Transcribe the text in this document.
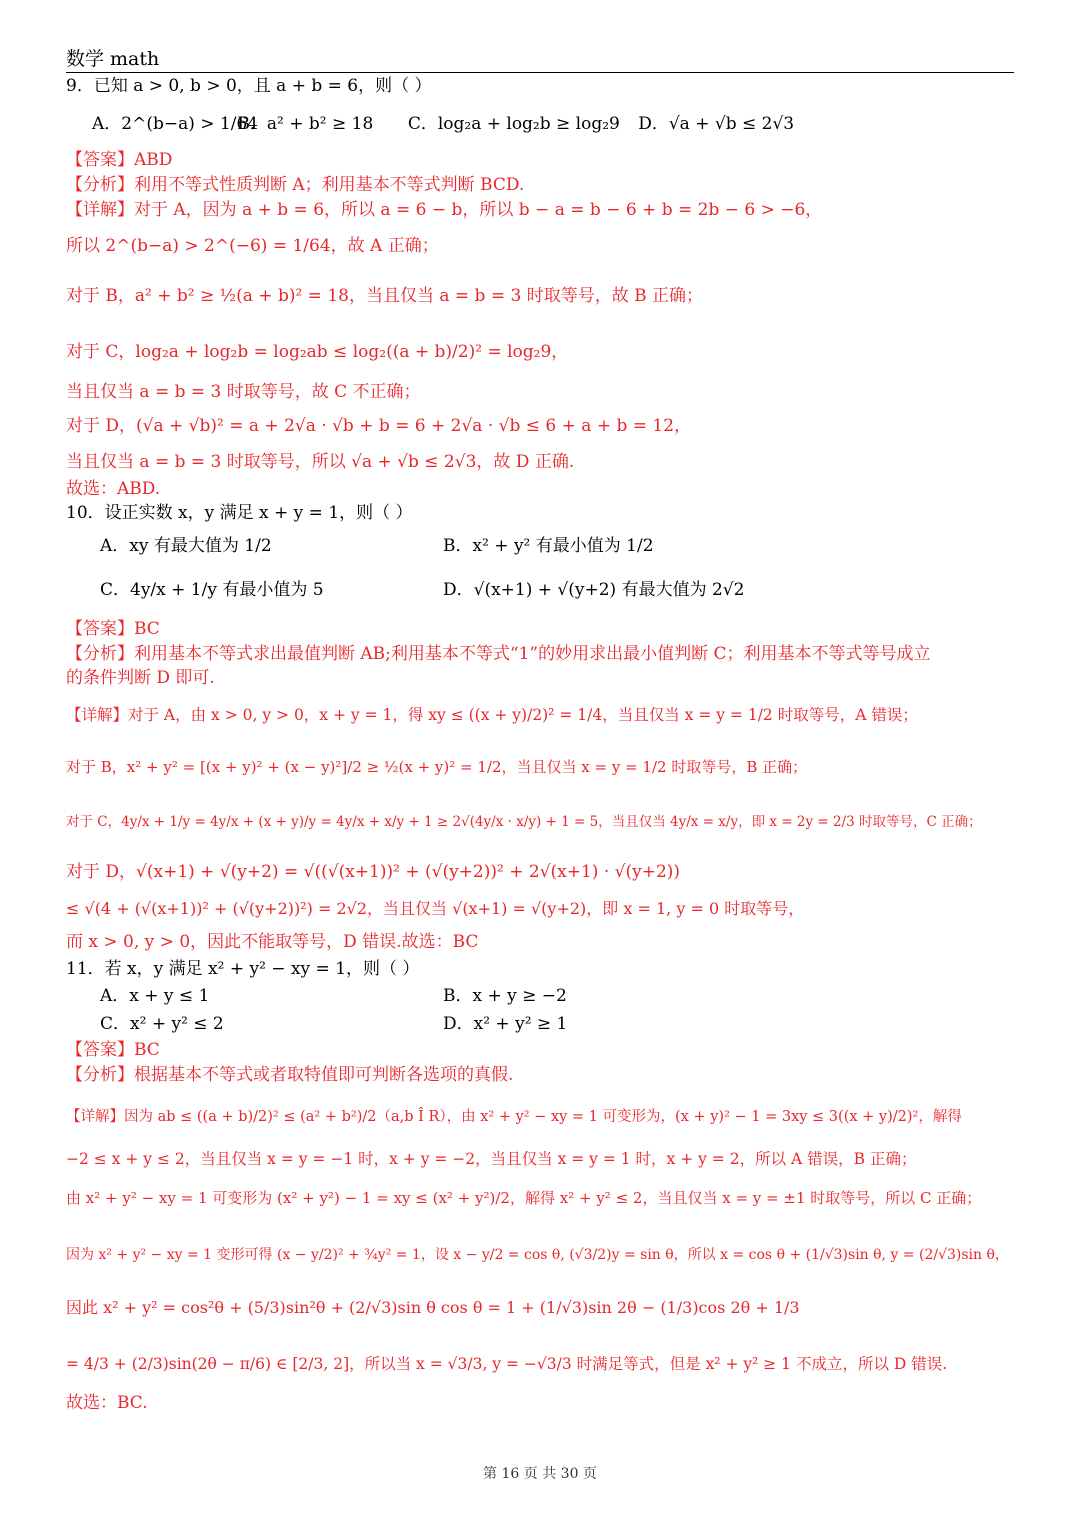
数学 math
9．已知 a > 0, b > 0，且 a + b = 6，则（ ）
A．2^(b−a) > 1/64 B．a² + b² ≥ 18 C．log₂a + log₂b ≥ log₂9 D．√a + √b ≤ 2√3
【答案】ABD
【分析】利用不等式性质判断 A；利用基本不等式判断 BCD.
【详解】对于 A，因为 a + b = 6，所以 a = 6 − b，所以 b − a = b − 6 + b = 2b − 6 > −6，
所以 2^(b−a) > 2^(−6) = 1/64，故 A 正确；
对于 B，a² + b² ≥ ½(a + b)² = 18，当且仅当 a = b = 3 时取等号，故 B 正确；
对于 C，log₂a + log₂b = log₂ab ≤ log₂((a + b)/2)² = log₂9，
当且仅当 a = b = 3 时取等号，故 C 不正确；
对于 D，(√a + √b)² = a + 2√a · √b + b = 6 + 2√a · √b ≤ 6 + a + b = 12，
当且仅当 a = b = 3 时取等号，所以 √a + √b ≤ 2√3，故 D 正确.
故选：ABD.
10．设正实数 x，y 满足 x + y = 1，则（ ）
A．xy 有最大值为 1/2	B．x² + y² 有最小值为 1/2
C．4y/x + 1/y 有最小值为 5	D．√(x+1) + √(y+2) 有最大值为 2√2
【答案】BC
【分析】利用基本不等式求出最值判断 AB;利用基本不等式“1”的妙用求出最小值判断 C；利用基本不等式等号成立
的条件判断 D 即可.
【详解】对于 A，由 x > 0, y > 0，x + y = 1，得 xy ≤ ((x + y)/2)² = 1/4，当且仅当 x = y = 1/2 时取等号，A 错误；
对于 B，x² + y² = [(x + y)² + (x − y)²]/2 ≥ ½(x + y)² = 1/2，当且仅当 x = y = 1/2 时取等号，B 正确；
对于 C，4y/x + 1/y = 4y/x + (x + y)/y = 4y/x + x/y + 1 ≥ 2√(4y/x · x/y) + 1 = 5，当且仅当 4y/x = x/y，即 x = 2y = 2/3 时取等号，C 正确；
对于 D，√(x+1) + √(y+2) = √((√(x+1))² + (√(y+2))² + 2√(x+1) · √(y+2))
≤ √(4 + (√(x+1))² + (√(y+2))²) = 2√2，当且仅当 √(x+1) = √(y+2)，即 x = 1, y = 0 时取等号，
而 x > 0, y > 0，因此不能取等号，D 错误.故选：BC
11．若 x，y 满足 x² + y² − xy = 1，则（ ）
A．x + y ≤ 1	B．x + y ≥ −2
C．x² + y² ≤ 2	D．x² + y² ≥ 1
【答案】BC
【分析】根据基本不等式或者取特值即可判断各选项的真假.
【详解】因为 ab ≤ ((a + b)/2)² ≤ (a² + b²)/2（a,b Î R），由 x² + y² − xy = 1 可变形为，(x + y)² − 1 = 3xy ≤ 3((x + y)/2)²，解得
−2 ≤ x + y ≤ 2，当且仅当 x = y = −1 时，x + y = −2，当且仅当 x = y = 1 时，x + y = 2，所以 A 错误，B 正确；
由 x² + y² − xy = 1 可变形为 (x² + y²) − 1 = xy ≤ (x² + y²)/2，解得 x² + y² ≤ 2，当且仅当 x = y = ±1 时取等号，所以 C 正确；
因为 x² + y² − xy = 1 变形可得 (x − y/2)² + ¾y² = 1，设 x − y/2 = cos θ, (√3/2)y = sin θ，所以 x = cos θ + (1/√3)sin θ, y = (2/√3)sin θ，
因此 x² + y² = cos²θ + (5/3)sin²θ + (2/√3)sin θ cos θ = 1 + (1/√3)sin 2θ − (1/3)cos 2θ + 1/3
= 4/3 + (2/3)sin(2θ − π/6) ∈ [2/3, 2]，所以当 x = √3/3, y = −√3/3 时满足等式，但是 x² + y² ≥ 1 不成立，所以 D 错误.
故选：BC.
第 16 页 共 30 页
